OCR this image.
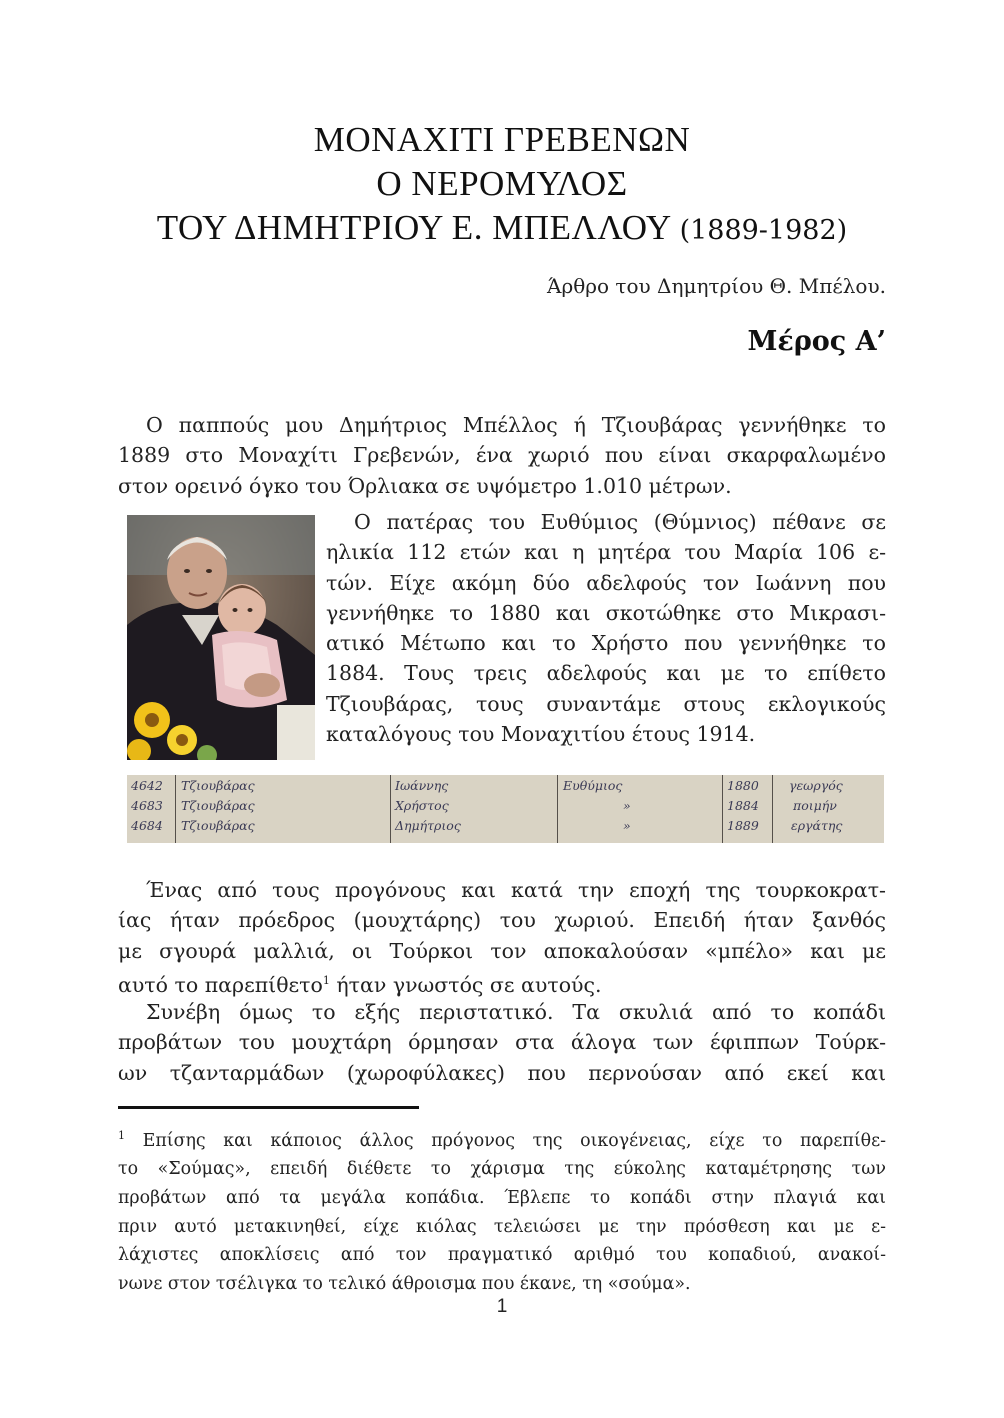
ΜΟΝΑΧΙΤΙ ΓΡΕΒΕΝΩΝ
Ο ΝΕΡΟΜΥΛΟΣ
ΤΟΥ ΔΗΜΗΤΡΙΟΥ Ε. ΜΠΕΛΛΟΥ (1889-1982)
Άρθρο του Δημητρίου Θ. Μπέλου.
Μέρος Α’

Ο παππούς μου Δημήτριος Μπέλλος ή Τζιουβάρας γεννήθηκε το
1889 στο Μοναχίτι Γρεβενών, ένα χωριό που είναι σκαρφαλωμένο
στον ορεινό όγκο του Όρλιακα σε υψόμετρο 1.010 μέτρων.

Ο πατέρας του Ευθύμιος (Θύμνιος) πέθανε σε
ηλικία 112 ετών και η μητέρα του Μαρία 106 ε-
τών. Είχε ακόμη δύο αδελφούς τον Ιωάννη που
γεννήθηκε το 1880 και σκοτώθηκε στο Μικρασι-
ατικό Μέτωπο και το Χρήστο που γεννήθηκε το
1884. Τους τρεις αδελφούς και με το επίθετο
Τζιουβάρας, τους συναντάμε στους εκλογικούς
καταλόγους του Μοναχιτίου έτους 1914.

4642 Τζιουβάρας	Ιωάννης	Ευθύμιος	1880 γεωργός
4683 Τζιουβάρας	Χρήστος	»	1884	ποιμήν
4684 Τζιουβάρας	Δημήτριος	»	1889	εργάτης

Ένας από τους προγόνους και κατά την εποχή της τουρκοκρατ-
ίας ήταν πρόεδρος (μουχτάρης) του χωριού. Επειδή ήταν ξανθός
με σγουρά μαλλιά, οι Τούρκοι τον αποκαλούσαν «μπέλο» και με
αυτό το παρεπίθετο$^1$ ήταν γνωστός σε αυτούς.

Συνέβη όμως το εξής περιστατικό. Τα σκυλιά από το κοπάδι
προβάτων του μουχτάρη όρμησαν στα άλογα των έφιππων Τούρκ-
ων τζανταρμάδων (χωροφύλακες) που περνούσαν από εκεί και

$^1$ Επίσης και κάποιος άλλος πρόγονος της οικογένειας, είχε το παρεπίθε-
το «Σούμας», επειδή διέθετε το χάρισμα της εύκολης καταμέτρησης των
προβάτων από τα μεγάλα κοπάδια. Έβλεπε το κοπάδι στην πλαγιά και
πριν αυτό μετακινηθεί, είχε κιόλας τελειώσει με την πρόσθεση και με ε-
λάχιστες αποκλίσεις από τον πραγματικό αριθμό του κοπαδιού, ανακοί-
νωνε στον τσέλιγκα το τελικό άθροισμα που έκανε, τη «σούμα».

1
